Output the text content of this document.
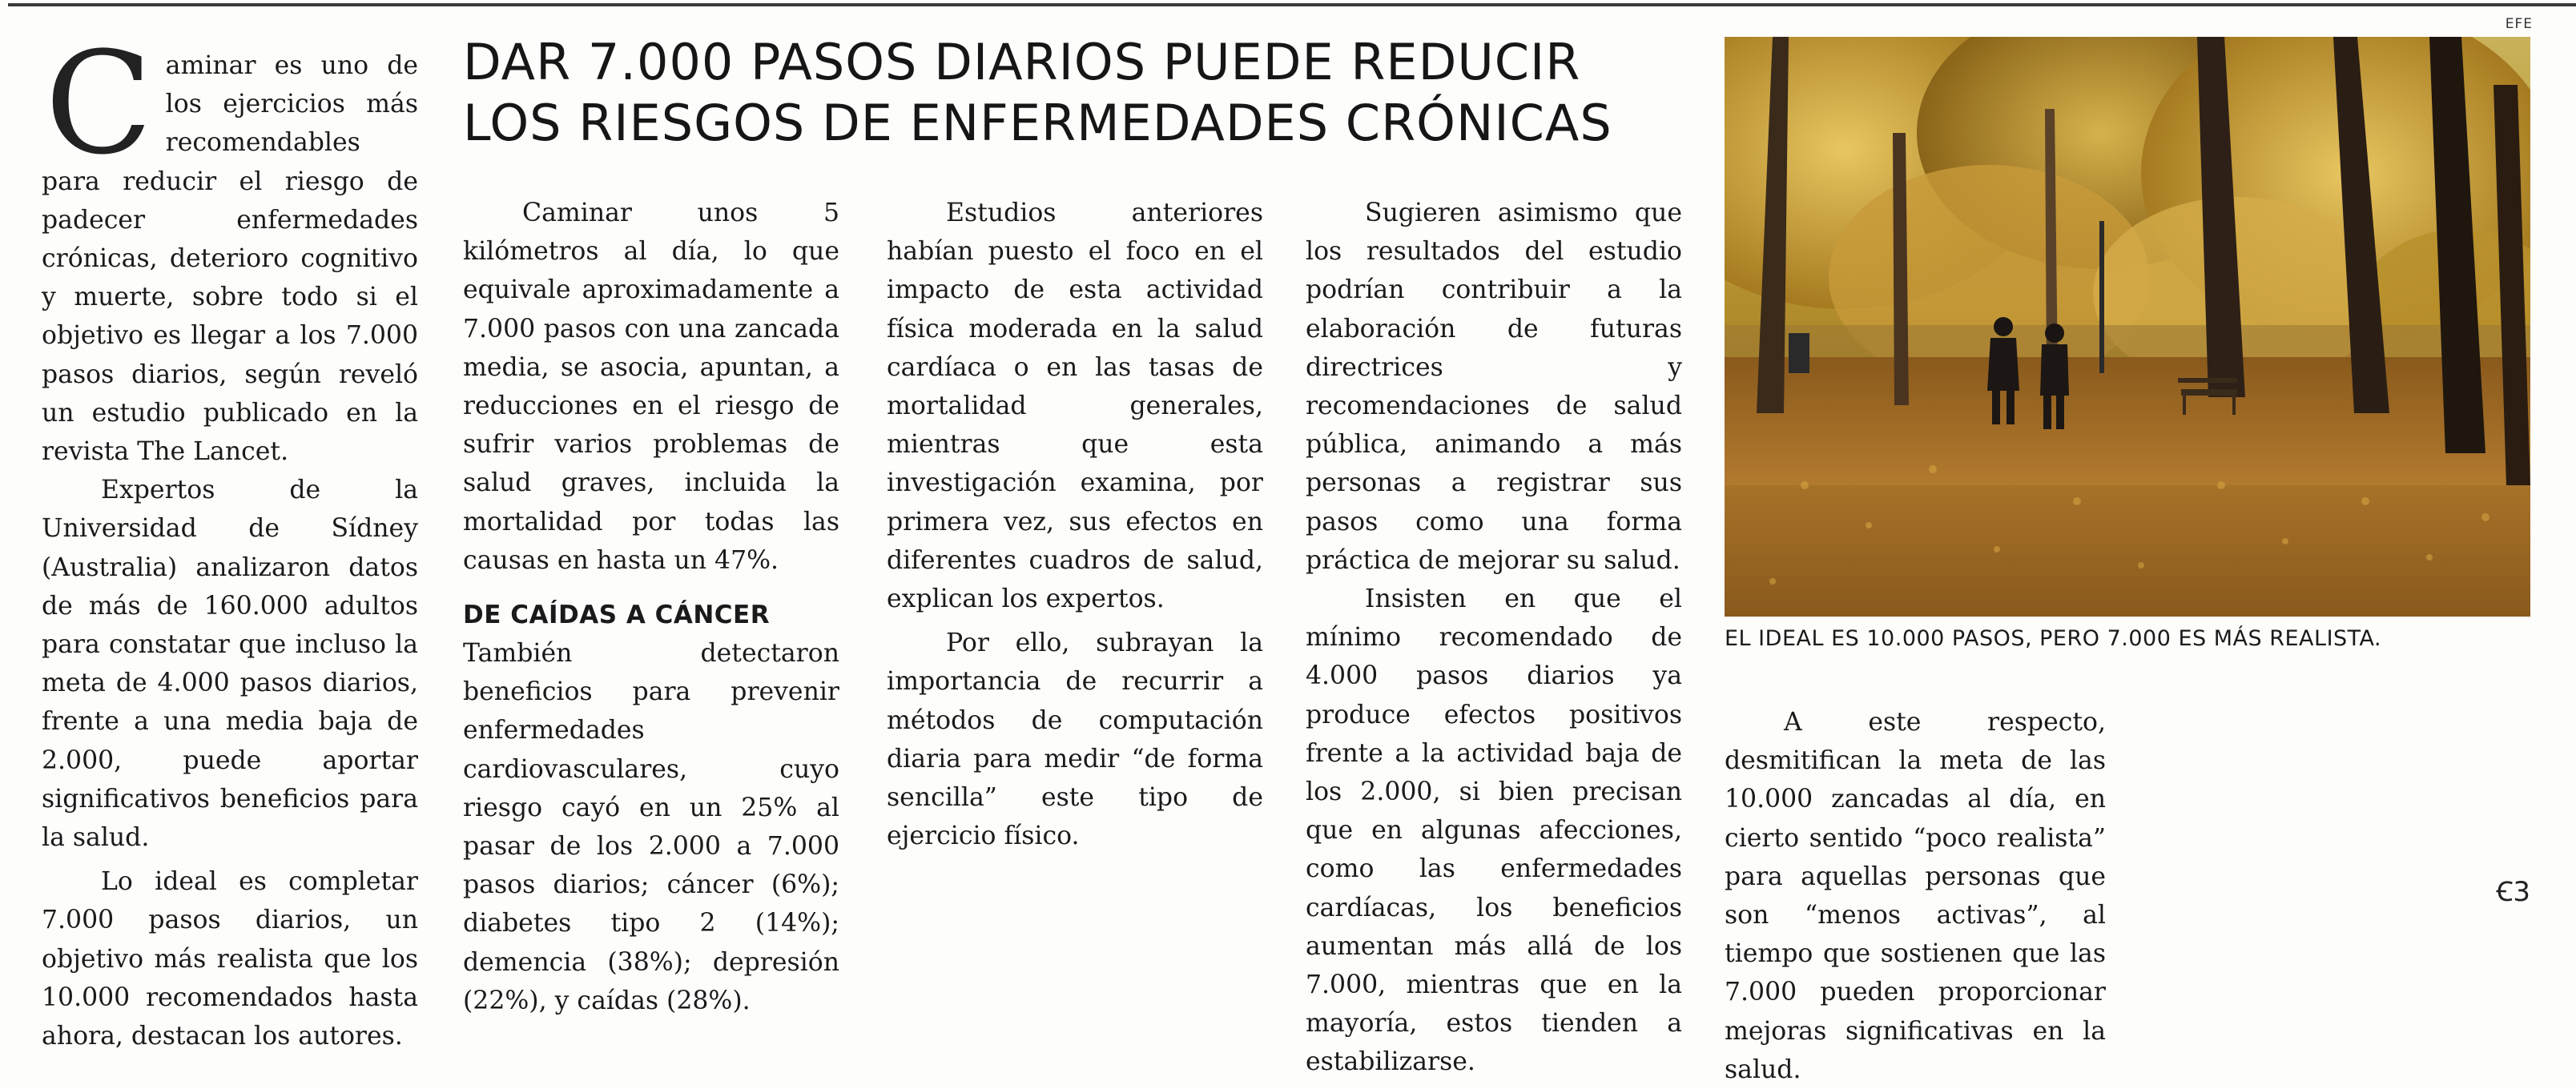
DAR 7.000 PASOS DIARIOS PUEDE REDUCIR LOS RIESGOS DE ENFERMEDADES CRÓNICAS

Caminar es uno de los ejercicios más recomendables para reducir el riesgo de padecer enfermedades crónicas, deterioro cognitivo y muerte, sobre todo si el objetivo es llegar a los 7.000 pasos diarios, según reveló un estudio publicado en la revista The Lancet.

Expertos de la Universidad de Sídney (Australia) analizaron datos de más de 160.000 adultos para constatar que incluso la meta de 4.000 pasos diarios, frente a una media baja de 2.000, puede aportar significativos beneficios para la salud.

Lo ideal es completar 7.000 pasos diarios, un objetivo más realista que los 10.000 recomendados hasta ahora, destacan los autores.

Caminar unos 5 kilómetros al día, lo que equivale aproximadamente a 7.000 pasos con una zancada media, se asocia, apuntan, a reducciones en el riesgo de sufrir varios problemas de salud graves, incluida la mortalidad por todas las causas en hasta un 47%.

DE CAÍDAS A CÁNCER

También detectaron beneficios para prevenir enfermedades cardiovasculares, cuyo riesgo cayó en un 25% al pasar de los 2.000 a 7.000 pasos diarios; cáncer (6%); diabetes tipo 2 (14%); demencia (38%); depresión (22%), y caídas (28%).

Estudios anteriores habían puesto el foco en el impacto de esta actividad física moderada en la salud cardíaca o en las tasas de mortalidad generales, mientras que esta investigación examina, por primera vez, sus efectos en diferentes cuadros de salud, explican los expertos.

Por ello, subrayan la importancia de recurrir a métodos de computación diaria para medir “de forma sencilla” este tipo de ejercicio físico.

Sugieren asimismo que los resultados del estudio podrían contribuir a la elaboración de futuras directrices y recomendaciones de salud pública, animando a más personas a registrar sus pasos como una forma práctica de mejorar su salud.

Insisten en que el mínimo recomendado de 4.000 pasos diarios ya produce efectos positivos frente a la actividad baja de los 2.000, si bien precisan que en algunas afecciones, como las enfermedades cardíacas, los beneficios aumentan más allá de los 7.000, mientras que en la mayoría, estos tienden a estabilizarse.

A este respecto, desmitifican la meta de las 10.000 zancadas al día, en cierto sentido “poco realista” para aquellas personas que son “menos activas”, al tiempo que sostienen que las 7.000 pueden proporcionar mejoras significativas en la salud.

Ꞓ3
EFE
EL IDEAL ES 10.000 PASOS, PERO 7.000 ES MÁS REALISTA.
